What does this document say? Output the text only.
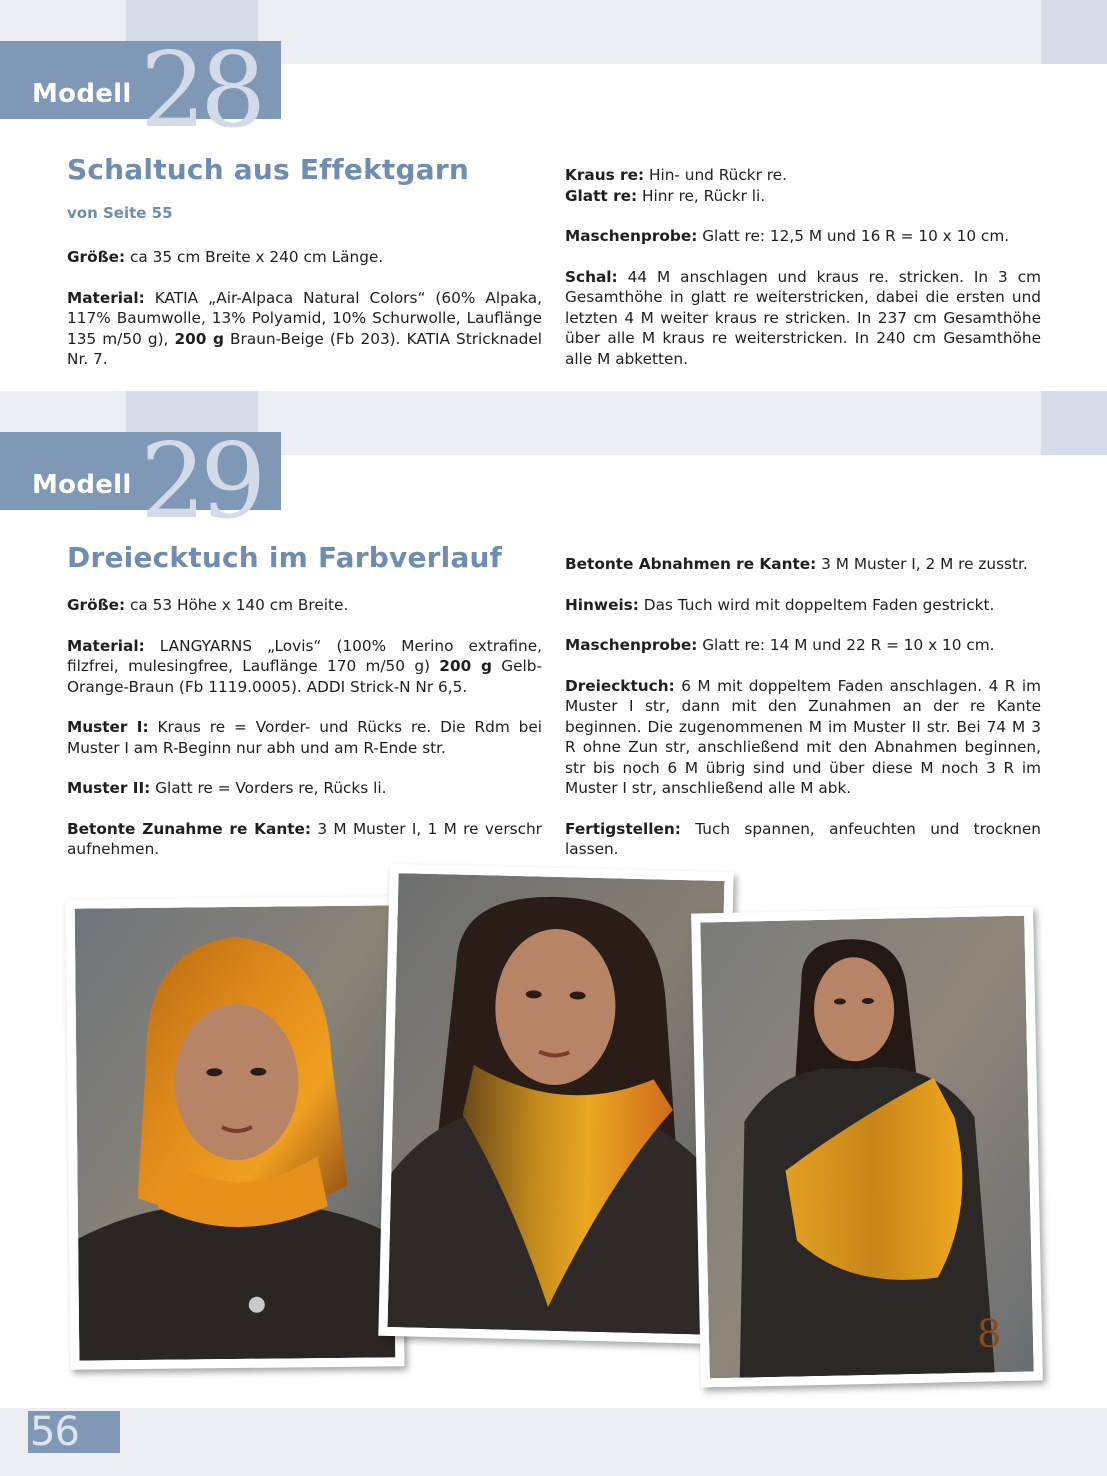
Modell 28
Schaltuch aus Effektgarn
von Seite 55

Größe: ca 35 cm Breite x 240 cm Länge.

Material: KATIA „Air-Alpaca Natural Colors“ (60% Alpaka, 117% Baumwolle, 13% Polyamid, 10% Schurwolle, Lauflänge 135 m/50 g), 200 g Braun-Beige (Fb 203). KATIA Stricknadel Nr. 7.

Kraus re: Hin- und Rückr re.
Glatt re: Hinr re, Rückr li.

Maschenprobe: Glatt re: 12,5 M und 16 R = 10 x 10 cm.

Schal: 44 M anschlagen und kraus re. stricken. In 3 cm Gesamthöhe in glatt re weiterstricken, dabei die ersten und letzten 4 M weiter kraus re stricken. In 237 cm Gesamthöhe über alle M kraus re weiterstricken. In 240 cm Gesamthöhe alle M abketten.

Modell 29
Dreiecktuch im Farbverlauf

Größe: ca 53 Höhe x 140 cm Breite.

Material: LANGYARNS „Lovis“ (100% Merino extrafine, filzfrei, mulesingfree, Lauflänge 170 m/50 g) 200 g Gelb-Orange-Braun (Fb 1119.0005). ADDI Strick-N Nr 6,5.

Muster I: Kraus re = Vorder- und Rücks re. Die Rdm bei Muster I am R-Beginn nur abh und am R-Ende str.

Muster II: Glatt re = Vorders re, Rücks li.

Betonte Zunahme re Kante: 3 M Muster I, 1 M re verschr aufnehmen.

Betonte Abnahmen re Kante: 3 M Muster I, 2 M re zusstr.

Hinweis: Das Tuch wird mit doppeltem Faden gestrickt.

Maschenprobe: Glatt re: 14 M und 22 R = 10 x 10 cm.

Dreiecktuch: 6 M mit doppeltem Faden anschlagen. 4 R im Muster I str, dann mit den Zunahmen an der re Kante beginnen. Die zugenommenen M im Muster II str. Bei 74 M 3 R ohne Zun str, anschließend mit den Abnahmen beginnen, str bis noch 6 M übrig sind und über diese M noch 3 R im Muster I str, anschließend alle M abk.

Fertigstellen: Tuch spannen, anfeuchten und trocknen lassen.

8
56
